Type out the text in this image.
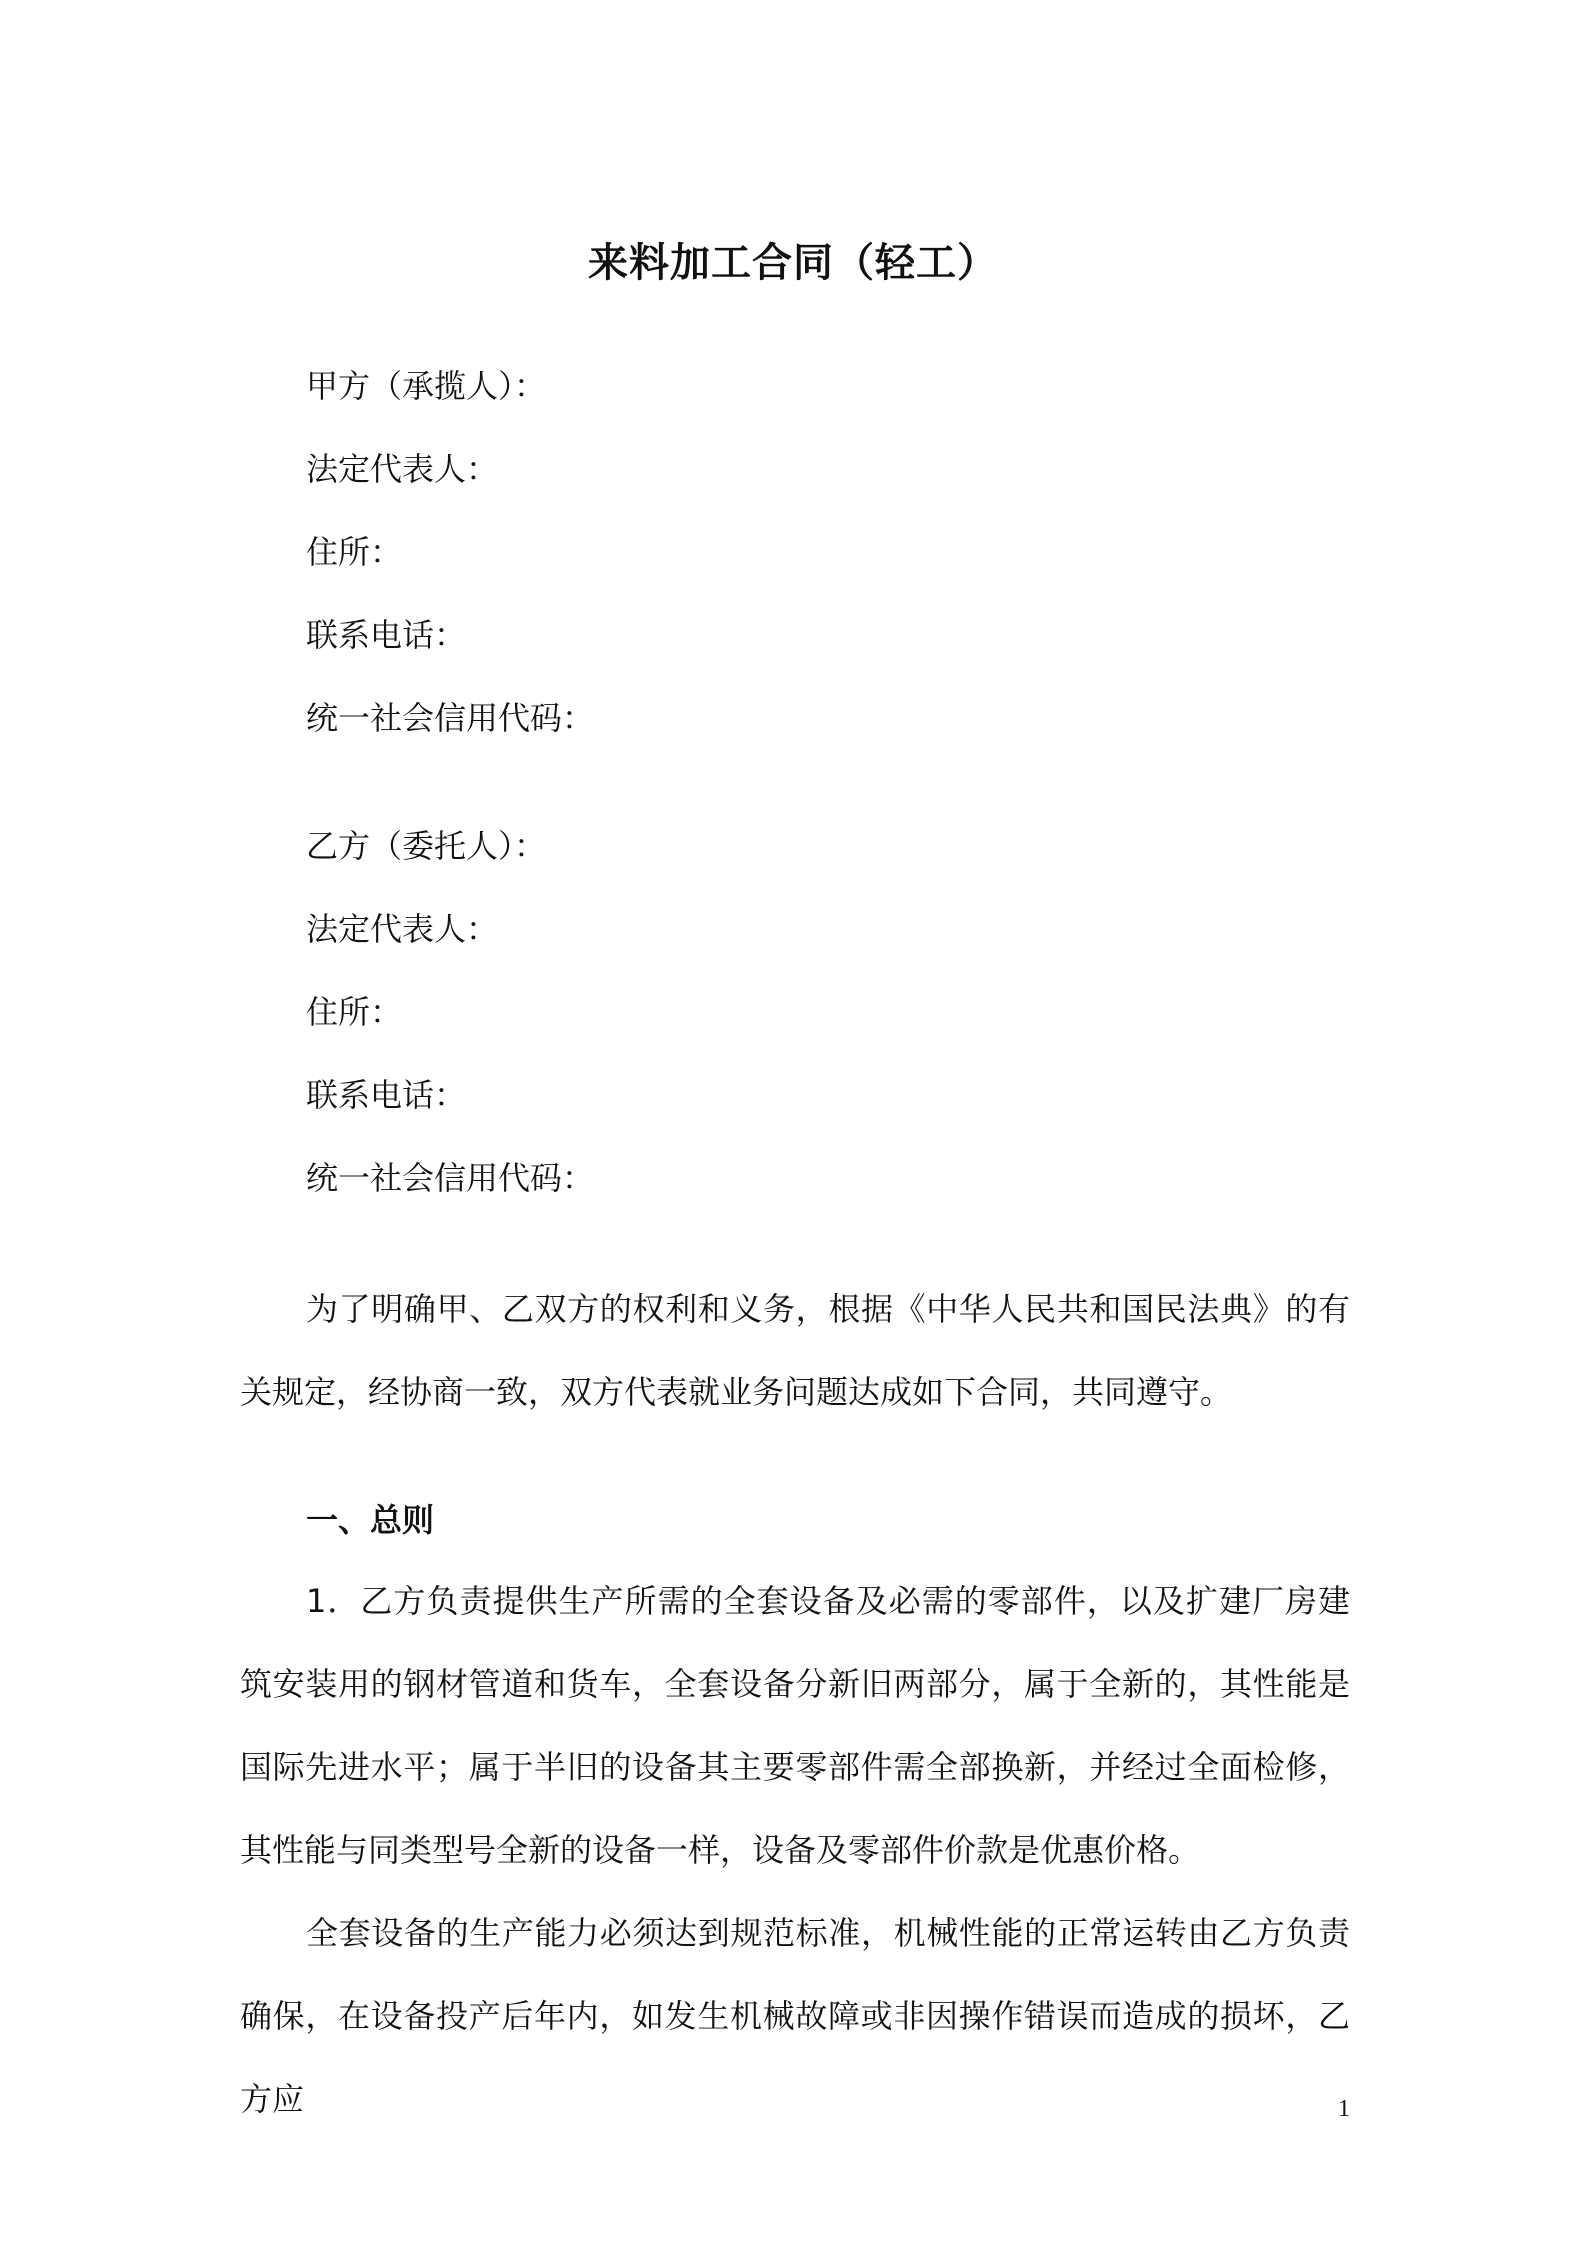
来料加工合同（轻工）
甲方（承揽人）：
法定代表人：
住所：
联系电话：
统一社会信用代码：
乙方（委托人）：
法定代表人：
住所：
联系电话：
统一社会信用代码：

为了明确甲、乙双方的权利和义务，根据《中华人民共和国民法典》的有关规定，经协商一致，双方代表就业务问题达成如下合同，共同遵守。

一、总则

1．乙方负责提供生产所需的全套设备及必需的零部件，以及扩建厂房建筑安装用的钢材管道和货车，全套设备分新旧两部分，属于全新的，其性能是国际先进水平；属于半旧的设备其主要零部件需全部换新，并经过全面检修，其性能与同类型号全新的设备一样，设备及零部件价款是优惠价格。

全套设备的生产能力必须达到规范标准，机械性能的正常运转由乙方负责确保，在设备投产后年内，如发生机械故障或非因操作错误而造成的损坏，乙方应	1
